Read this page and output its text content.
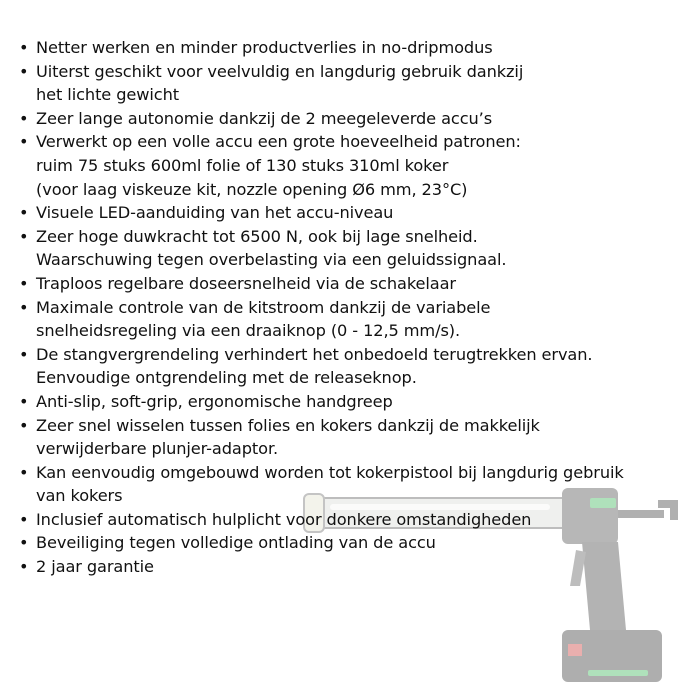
• Netter werken en minder productverlies in no-dripmodus
• Uiterst geschikt voor veelvuldig en langdurig gebruik dankzij
het lichte gewicht
• Zeer lange autonomie dankzij de 2 meegeleverde accu’s
• Verwerkt op een volle accu een grote hoeveelheid patronen:
ruim 75 stuks 600ml folie of 130 stuks 310ml koker
(voor laag viskeuze kit, nozzle opening Ø6 mm, 23°C)
• Visuele LED-aanduiding van het accu-niveau
• Zeer hoge duwkracht tot 6500 N, ook bij lage snelheid.
Waarschuwing tegen overbelasting via een geluidssignaal.
• Traploos regelbare doseersnelheid via de schakelaar
• Maximale controle van de kitstroom dankzij de variabele
snelheidsregeling via een draaiknop (0 - 12,5 mm/s).
• De stangvergrendeling verhindert het onbedoeld terugtrekken ervan.
Eenvoudige ontgrendeling met de releaseknop.
• Anti-slip, soft-grip, ergonomische handgreep
• Zeer snel wisselen tussen folies en kokers dankzij de makkelijk
verwijderbare plunjer-adaptor.
• Kan eenvoudig omgebouwd worden tot kokerpistool bij langdurig gebruik
van kokers
• Inclusief automatisch hulplicht voor donkere omstandigheden
• Beveiliging tegen volledige ontlading van de accu
• 2 jaar garantie
